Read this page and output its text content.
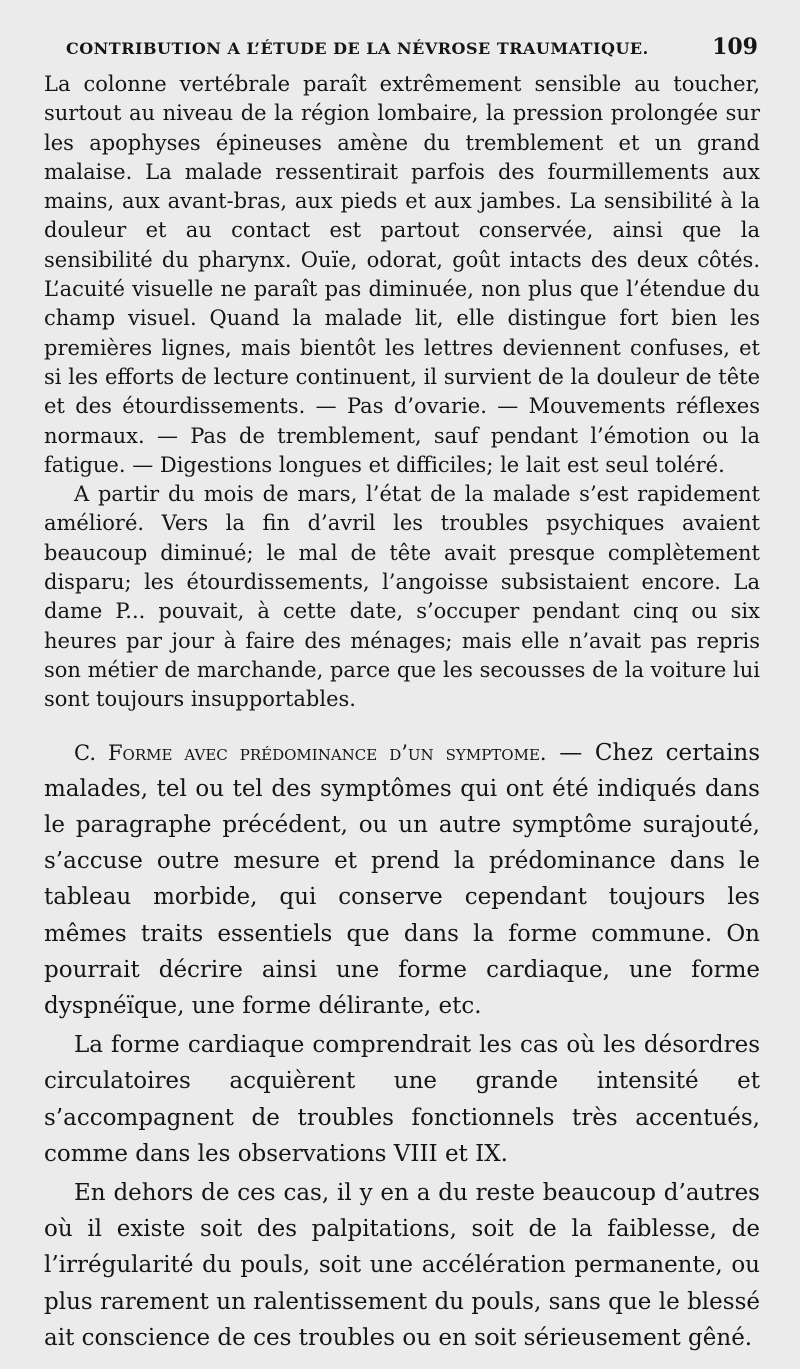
CONTRIBUTION A L’ÉTUDE DE LA NÉVROSE TRAUMATIQUE.	109

La colonne vertébrale paraît extrêmement sensible au toucher, surtout au niveau de la région lombaire, la pression prolongée sur les apophyses épineuses amène du tremblement et un grand malaise. La malade ressentirait parfois des fourmillements aux mains, aux avant-bras, aux pieds et aux jambes. La sensibilité à la douleur et au contact est partout conservée, ainsi que la sensibilité du pharynx. Ouïe, odorat, goût intacts des deux côtés. L’acuité visuelle ne paraît pas diminuée, non plus que l’étendue du champ visuel. Quand la malade lit, elle distingue fort bien les premières lignes, mais bientôt les lettres deviennent confuses, et si les efforts de lecture continuent, il survient de la douleur de tête et des étourdissements. — Pas d’ovarie. — Mouvements réflexes normaux. — Pas de tremblement, sauf pendant l’émotion ou la fatigue. — Digestions longues et difficiles; le lait est seul toléré.

A partir du mois de mars, l’état de la malade s’est rapidement amélioré. Vers la fin d’avril les troubles psychiques avaient beaucoup diminué; le mal de tête avait presque complètement disparu; les étourdissements, l’angoisse subsistaient encore. La dame P... pouvait, à cette date, s’occuper pendant cinq ou six heures par jour à faire des ménages; mais elle n’avait pas repris son métier de marchande, parce que les secousses de la voiture lui sont toujours insupportables.

C. Forme avec prédominance d’un symptome. — Chez certains malades, tel ou tel des symptômes qui ont été indiqués dans le paragraphe précédent, ou un autre symptôme surajouté, s’accuse outre mesure et prend la prédominance dans le tableau morbide, qui conserve cependant toujours les mêmes traits essentiels que dans la forme commune. On pourrait décrire ainsi une forme cardiaque, une forme dyspnéïque, une forme délirante, etc.

La forme cardiaque comprendrait les cas où les désordres circulatoires acquièrent une grande intensité et s’accompagnent de troubles fonctionnels très accentués, comme dans les observations VIII et IX.

En dehors de ces cas, il y en a du reste beaucoup d’autres où il existe soit des palpitations, soit de la faiblesse, de l’irrégularité du pouls, soit une accélération permanente, ou plus rarement un ralentissement du pouls, sans que le blessé ait conscience de ces troubles ou en soit sérieusement gêné.
